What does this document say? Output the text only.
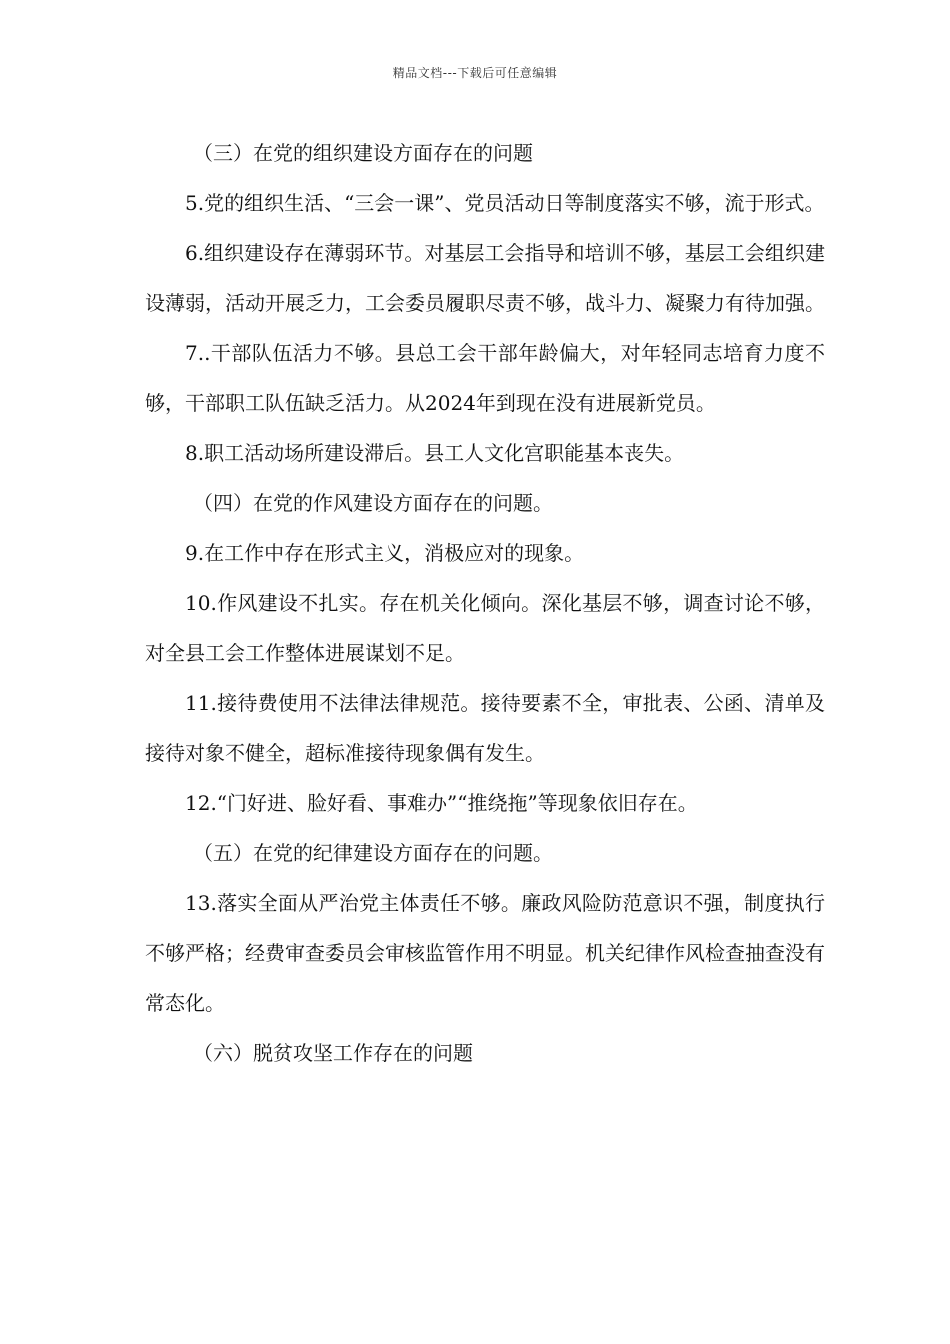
精品文档---下载后可任意编辑

（三）在党的组织建设方面存在的问题

5.党的组织生活、“三会一课”、党员活动日等制度落实不够，流于形式。

6.组织建设存在薄弱环节。对基层工会指导和培训不够，基层工会组织建设薄弱，活动开展乏力，工会委员履职尽责不够，战斗力、凝聚力有待加强。

7..干部队伍活力不够。县总工会干部年龄偏大，对年轻同志培育力度不够，干部职工队伍缺乏活力。从2024年到现在没有进展新党员。

8.职工活动场所建设滞后。县工人文化宫职能基本丧失。

（四）在党的作风建设方面存在的问题。

9.在工作中存在形式主义，消极应对的现象。

10.作风建设不扎实。存在机关化倾向。深化基层不够，调查讨论不够，对全县工会工作整体进展谋划不足。

11.接待费使用不法律法律规范。接待要素不全，审批表、公函、清单及接待对象不健全，超标准接待现象偶有发生。

12.“门好进、脸好看、事难办”“推绕拖”等现象依旧存在。

（五）在党的纪律建设方面存在的问题。

13.落实全面从严治党主体责任不够。廉政风险防范意识不强，制度执行不够严格；经费审查委员会审核监管作用不明显。机关纪律作风检查抽查没有常态化。

（六）脱贫攻坚工作存在的问题
